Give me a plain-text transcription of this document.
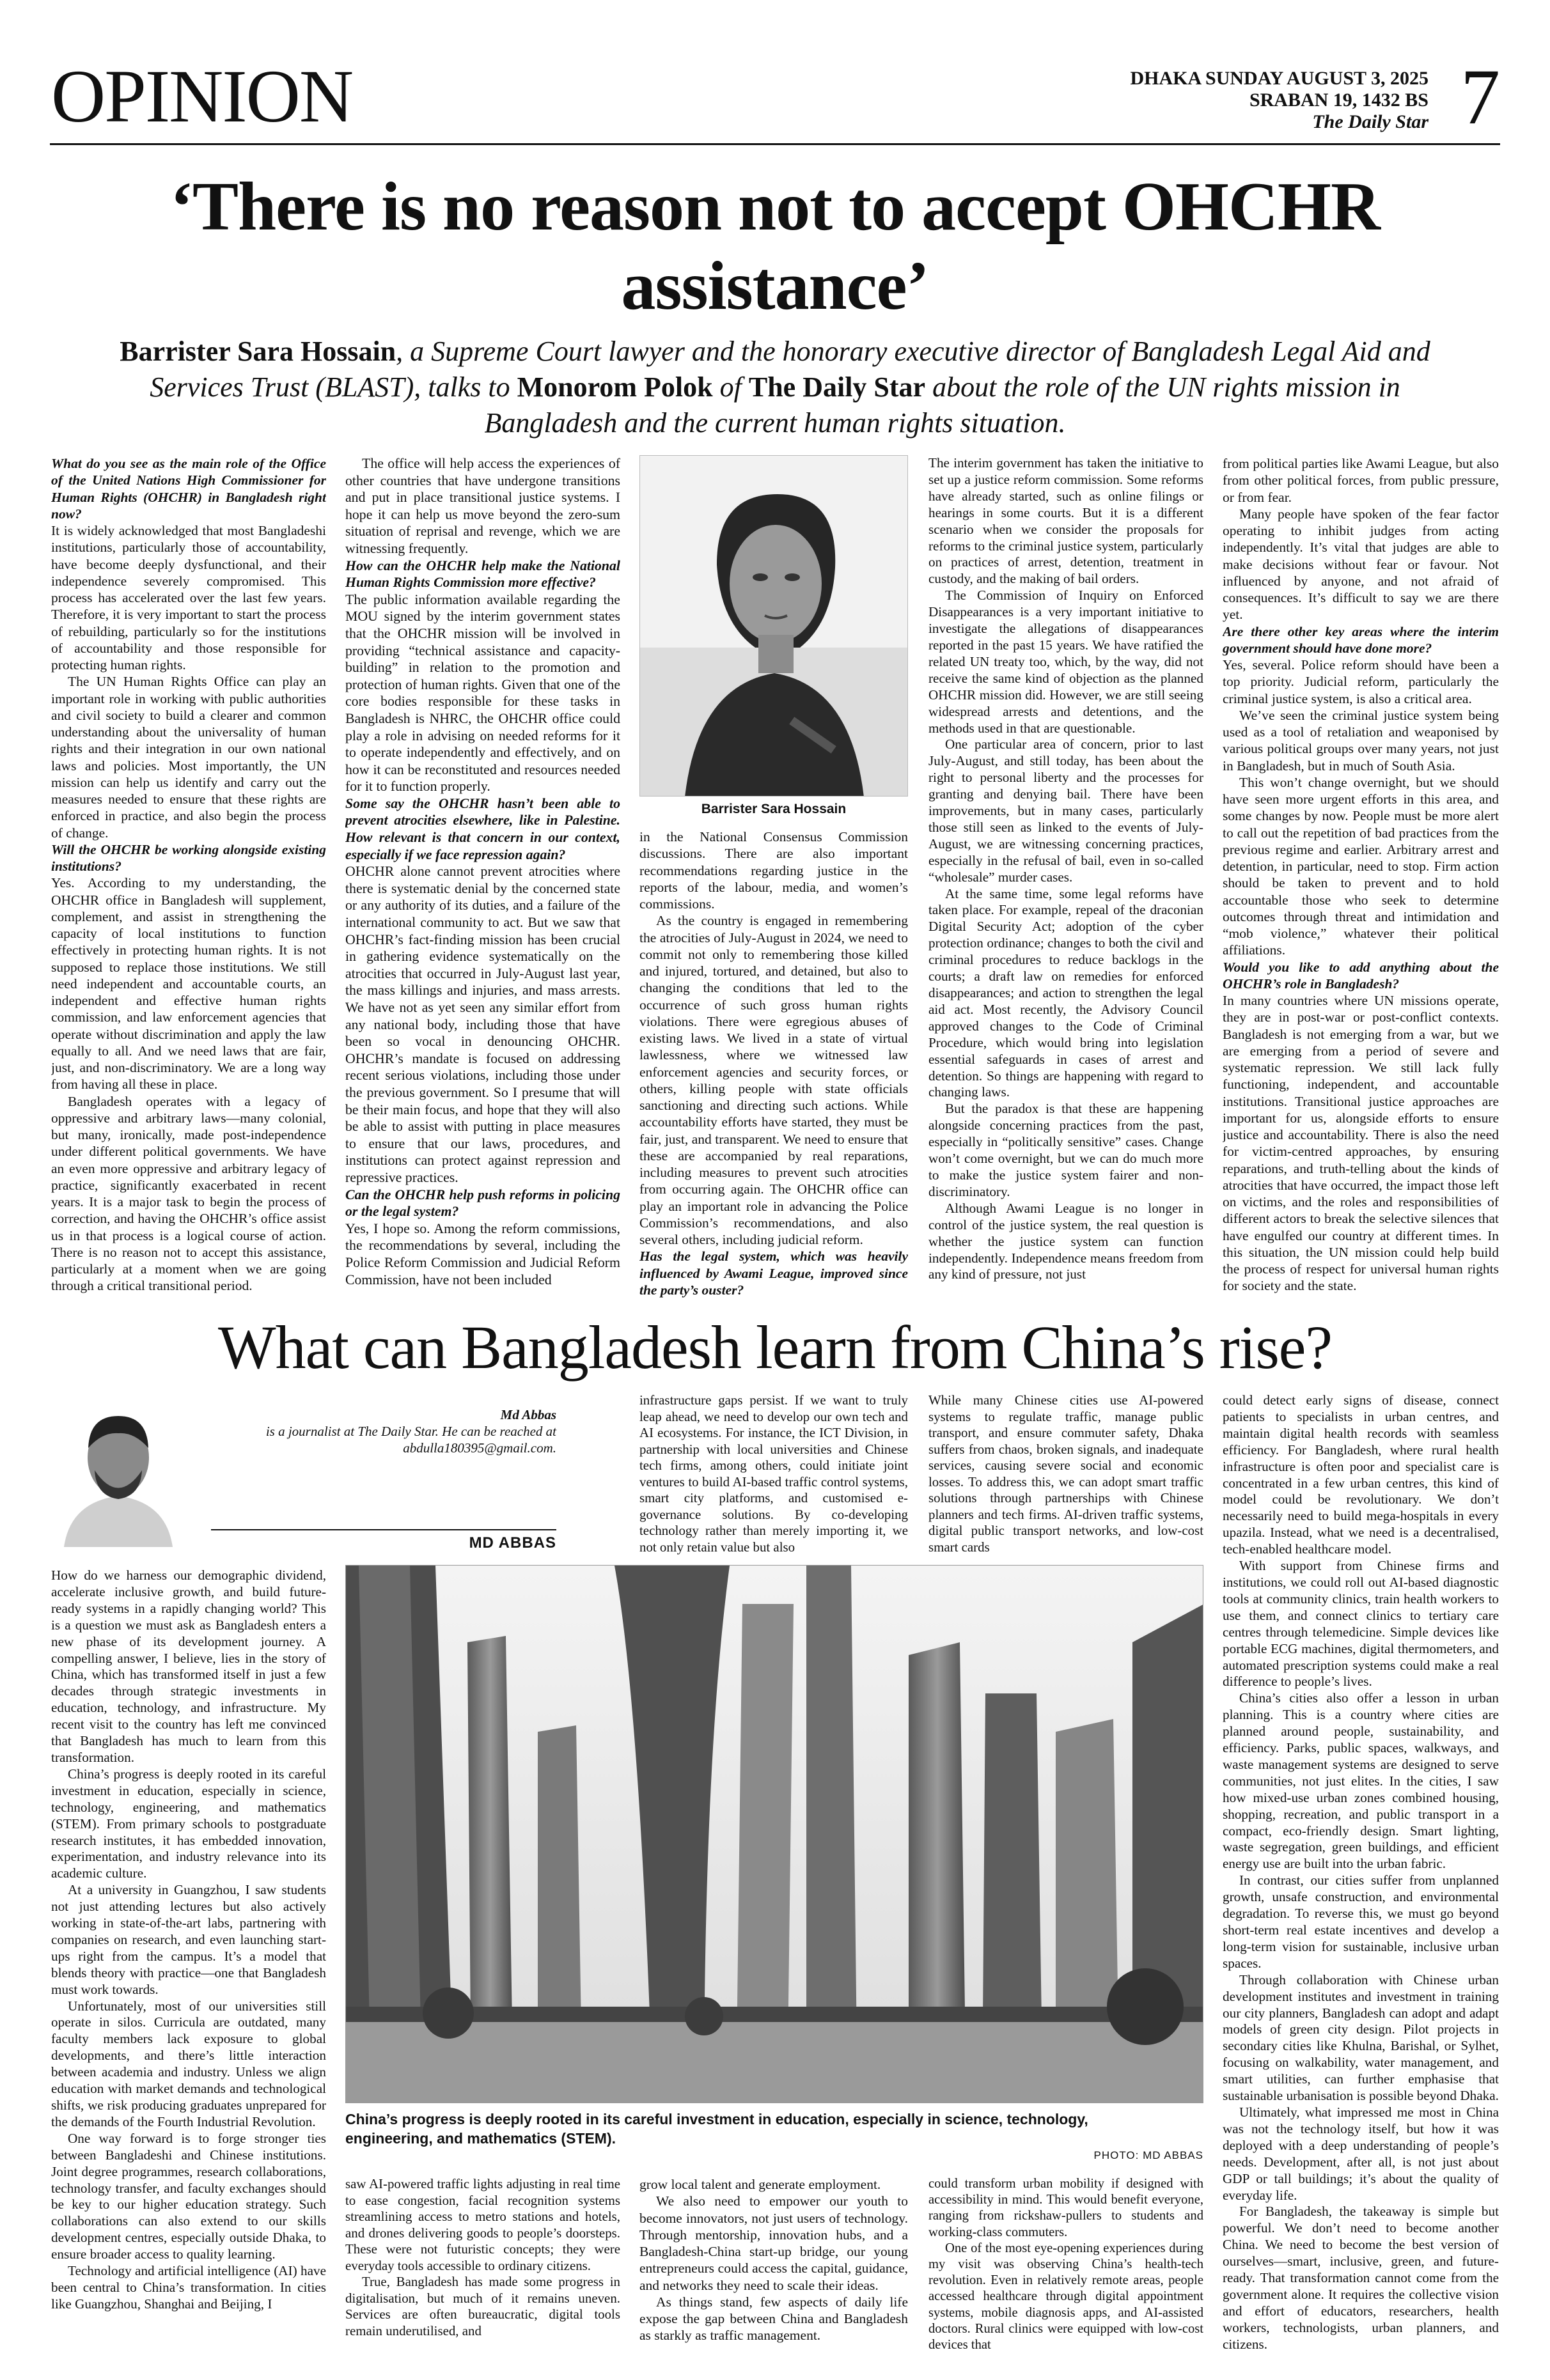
OPINION	DHAKA SUNDAY AUGUST 3, 2025
SRABAN 19, 1432 BS
The Daily Star 7
‘There is no reason not to accept OHCHR assistance’
Barrister Sara Hossain, a Supreme Court lawyer and the honorary executive director of Bangladesh Legal Aid and Services Trust (BLAST), talks to Monorom Polok of The Daily Star about the role of the UN rights mission in Bangladesh and the current human rights situation.

What do you see as the main role of the Office of the United Nations High Commissioner for Human Rights (OHCHR) in Bangladesh right now?

It is widely acknowledged that most Bangladeshi institutions, particularly those of accountability, have become deeply dysfunctional, and their independence severely compromised. This process has accelerated over the last few years. Therefore, it is very important to start the process of rebuilding, particularly so for the institutions of accountability and those responsible for protecting human rights.

The UN Human Rights Office can play an important role in working with public authorities and civil society to build a clearer and common understanding about the universality of human rights and their integration in our own national laws and policies. Most importantly, the UN mission can help us identify and carry out the measures needed to ensure that these rights are enforced in practice, and also begin the process of change.

Will the OHCHR be working alongside existing institutions?

Yes. According to my understanding, the OHCHR office in Bangladesh will supplement, complement, and assist in strengthening the capacity of local institutions to function effectively in protecting human rights. It is not supposed to replace those institutions. We still need independent and accountable courts, an independent and effective human rights commission, and law enforcement agencies that operate without discrimination and apply the law equally to all. And we need laws that are fair, just, and non-discriminatory. We are a long way from having all these in place.

Bangladesh operates with a legacy of oppressive and arbitrary laws—many colonial, but many, ironically, made post-independence under different political governments. We have an even more oppressive and arbitrary legacy of practice, significantly exacerbated in recent years. It is a major task to begin the process of correction, and having the OHCHR’s office assist us in that process is a logical course of action. There is no reason not to accept this assistance, particularly at a moment when we are going through a critical transitional period.

The office will help access the experiences of other countries that have undergone transitions and put in place transitional justice systems. I hope it can help us move beyond the zero-sum situation of reprisal and revenge, which we are witnessing frequently.

How can the OHCHR help make the National Human Rights Commission more effective?

The public information available regarding the MOU signed by the interim government states that the OHCHR mission will be involved in providing “technical assistance and capacity-building” in relation to the promotion and protection of human rights. Given that one of the core bodies responsible for these tasks in Bangladesh is NHRC, the OHCHR office could play a role in advising on needed reforms for it to operate independently and effectively, and on how it can be reconstituted and resources needed for it to function properly.

Some say the OHCHR hasn’t been able to prevent atrocities elsewhere, like in Palestine. How relevant is that concern in our context, especially if we face repression again?

OHCHR alone cannot prevent atrocities where there is systematic denial by the concerned state or any authority of its duties, and a failure of the international community to act. But we saw that OHCHR’s fact-finding mission has been crucial in gathering evidence systematically on the atrocities that occurred in July-August last year, the mass killings and injuries, and mass arrests. We have not as yet seen any similar effort from any national body, including those that have been so vocal in denouncing OHCHR. OHCHR’s mandate is focused on addressing recent serious violations, including those under the previous government. So I presume that will be their main focus, and hope that they will also be able to assist with putting in place measures to ensure that our laws, procedures, and institutions can protect against repression and repressive practices.

Can the OHCHR help push reforms in policing or the legal system?

Yes, I hope so. Among the reform commissions, the recommendations by several, including the Police Reform Commission and Judicial Reform Commission, have not been included

Barrister Sara Hossain

in the National Consensus Commission discussions. There are also important recommendations regarding justice in the reports of the labour, media, and women’s commissions.

As the country is engaged in remembering the atrocities of July-August in 2024, we need to commit not only to remembering those killed and injured, tortured, and detained, but also to changing the conditions that led to the occurrence of such gross human rights violations. There were egregious abuses of existing laws. We lived in a state of virtual lawlessness, where we witnessed law enforcement agencies and security forces, or others, killing people with state officials sanctioning and directing such actions. While accountability efforts have started, they must be fair, just, and transparent. We need to ensure that these are accompanied by real reparations, including measures to prevent such atrocities from occurring again. The OHCHR office can play an important role in advancing the Police Commission’s recommendations, and also several others, including judicial reform.

Has the legal system, which was heavily influenced by Awami League, improved since the party’s ouster?

The interim government has taken the initiative to set up a justice reform commission. Some reforms have already started, such as online filings or hearings in some courts. But it is a different scenario when we consider the proposals for reforms to the criminal justice system, particularly on practices of arrest, detention, treatment in custody, and the making of bail orders.

The Commission of Inquiry on Enforced Disappearances is a very important initiative to investigate the allegations of disappearances reported in the past 15 years. We have ratified the related UN treaty too, which, by the way, did not receive the same kind of objection as the planned OHCHR mission did. However, we are still seeing widespread arrests and detentions, and the methods used in that are questionable.

One particular area of concern, prior to last July-August, and still today, has been about the right to personal liberty and the processes for granting and denying bail. There have been improvements, but in many cases, particularly those still seen as linked to the events of July-August, we are witnessing concerning practices, especially in the refusal of bail, even in so-called “wholesale” murder cases.

At the same time, some legal reforms have taken place. For example, repeal of the draconian Digital Security Act; adoption of the cyber protection ordinance; changes to both the civil and criminal procedures to reduce backlogs in the courts; a draft law on remedies for enforced disappearances; and action to strengthen the legal aid act. Most recently, the Advisory Council approved changes to the Code of Criminal Procedure, which would bring into legislation essential safeguards in cases of arrest and detention. So things are happening with regard to changing laws.

But the paradox is that these are happening alongside concerning practices from the past, especially in “politically sensitive” cases. Change won’t come overnight, but we can do much more to make the justice system fairer and non-discriminatory.

Although Awami League is no longer in control of the justice system, the real question is whether the justice system can function independently. Independence means freedom from any kind of pressure, not just

from political parties like Awami League, but also from other political forces, from public pressure, or from fear.

Many people have spoken of the fear factor operating to inhibit judges from acting independently. It’s vital that judges are able to make decisions without fear or favour. Not influenced by anyone, and not afraid of consequences. It’s difficult to say we are there yet.

Are there other key areas where the interim government should have done more?

Yes, several. Police reform should have been a top priority. Judicial reform, particularly the criminal justice system, is also a critical area.

We’ve seen the criminal justice system being used as a tool of retaliation and weaponised by various political groups over many years, not just in Bangladesh, but in much of South Asia.

This won’t change overnight, but we should have seen more urgent efforts in this area, and some changes by now. People must be more alert to call out the repetition of bad practices from the previous regime and earlier. Arbitrary arrest and detention, in particular, need to stop. Firm action should be taken to prevent and to hold accountable those who seek to determine outcomes through threat and intimidation and “mob violence,” whatever their political affiliations.

Would you like to add anything about the OHCHR’s role in Bangladesh?

In many countries where UN missions operate, they are in post-war or post-conflict contexts. Bangladesh is not emerging from a war, but we are emerging from a period of severe and systematic repression. We still lack fully functioning, independent, and accountable institutions. Transitional justice approaches are important for us, alongside efforts to ensure justice and accountability. There is also the need for victim-centred approaches, by ensuring reparations, and truth-telling about the kinds of atrocities that have occurred, the impact those left on victims, and the roles and responsibilities of different actors to break the selective silences that have engulfed our country at different times. In this situation, the UN mission could help build the process of respect for universal human rights for society and the state.

What can Bangladesh learn from China’s rise?
Md Abbas
is a journalist at The Daily Star. He can be reached at abdulla180395@gmail.com.
MD ABBAS

How do we harness our demographic dividend, accelerate inclusive growth, and build future-ready systems in a rapidly changing world? This is a question we must ask as Bangladesh enters a new phase of its development journey. A compelling answer, I believe, lies in the story of China, which has transformed itself in just a few decades through strategic investments in education, technology, and infrastructure. My recent visit to the country has left me convinced that Bangladesh has much to learn from this transformation.

China’s progress is deeply rooted in its careful investment in education, especially in science, technology, engineering, and mathematics (STEM). From primary schools to postgraduate research institutes, it has embedded innovation, experimentation, and industry relevance into its academic culture.

At a university in Guangzhou, I saw students not just attending lectures but also actively working in state-of-the-art labs, partnering with companies on research, and even launching start-ups right from the campus. It’s a model that blends theory with practice—one that Bangladesh must work towards.

Unfortunately, most of our universities still operate in silos. Curricula are outdated, many faculty members lack exposure to global developments, and there’s little interaction between academia and industry. Unless we align education with market demands and technological shifts, we risk producing graduates unprepared for the demands of the Fourth Industrial Revolution.

One way forward is to forge stronger ties between Bangladeshi and Chinese institutions. Joint degree programmes, research collaborations, technology transfer, and faculty exchanges should be key to our higher education strategy. Such collaborations can also extend to our skills development centres, especially outside Dhaka, to ensure broader access to quality learning.

Technology and artificial intelligence (AI) have been central to China’s transformation. In cities like Guangzhou, Shanghai and Beijing, I

infrastructure gaps persist. If we want to truly leap ahead, we need to develop our own tech and AI ecosystems. For instance, the ICT Division, in partnership with local universities and Chinese tech firms, among others, could initiate joint ventures to build AI-based traffic control systems, smart city platforms, and customised e-governance solutions. By co-developing technology rather than merely importing it, we not only retain value but also

While many Chinese cities use AI-powered systems to regulate traffic, manage public transport, and ensure commuter safety, Dhaka suffers from chaos, broken signals, and inadequate services, causing severe social and economic losses. To address this, we can adopt smart traffic solutions through partnerships with Chinese planners and tech firms. AI-driven traffic systems, digital public transport networks, and low-cost smart cards

China’s progress is deeply rooted in its careful investment in education, especially in science, technology, engineering, and mathematics (STEM).
PHOTO: MD ABBAS

saw AI-powered traffic lights adjusting in real time to ease congestion, facial recognition systems streamlining access to metro stations and hotels, and drones delivering goods to people’s doorsteps. These were not futuristic concepts; they were everyday tools accessible to ordinary citizens.

True, Bangladesh has made some progress in digitalisation, but much of it remains uneven. Services are often bureaucratic, digital tools remain underutilised, and

grow local talent and generate employment.

We also need to empower our youth to become innovators, not just users of technology. Through mentorship, innovation hubs, and a Bangladesh-China start-up bridge, our young entrepreneurs could access the capital, guidance, and networks they need to scale their ideas.

As things stand, few aspects of daily life expose the gap between China and Bangladesh as starkly as traffic management.

could transform urban mobility if designed with accessibility in mind. This would benefit everyone, ranging from rickshaw-pullers to students and working-class commuters.

One of the most eye-opening experiences during my visit was observing China’s health-tech revolution. Even in relatively remote areas, people accessed healthcare through digital appointment systems, mobile diagnosis apps, and AI-assisted doctors. Rural clinics were equipped with low-cost devices that

could detect early signs of disease, connect patients to specialists in urban centres, and maintain digital health records with seamless efficiency. For Bangladesh, where rural health infrastructure is often poor and specialist care is concentrated in a few urban centres, this kind of model could be revolutionary. We don’t necessarily need to build mega-hospitals in every upazila. Instead, what we need is a decentralised, tech-enabled healthcare model.

With support from Chinese firms and institutions, we could roll out AI-based diagnostic tools at community clinics, train health workers to use them, and connect clinics to tertiary care centres through telemedicine. Simple devices like portable ECG machines, digital thermometers, and automated prescription systems could make a real difference to people’s lives.

China’s cities also offer a lesson in urban planning. This is a country where cities are planned around people, sustainability, and efficiency. Parks, public spaces, walkways, and waste management systems are designed to serve communities, not just elites. In the cities, I saw how mixed-use urban zones combined housing, shopping, recreation, and public transport in a compact, eco-friendly design. Smart lighting, waste segregation, green buildings, and efficient energy use are built into the urban fabric.

In contrast, our cities suffer from unplanned growth, unsafe construction, and environmental degradation. To reverse this, we must go beyond short-term real estate incentives and develop a long-term vision for sustainable, inclusive urban spaces.

Through collaboration with Chinese urban development institutes and investment in training our city planners, Bangladesh can adopt and adapt models of green city design. Pilot projects in secondary cities like Khulna, Barishal, or Sylhet, focusing on walkability, water management, and smart utilities, can further emphasise that sustainable urbanisation is possible beyond Dhaka.

Ultimately, what impressed me most in China was not the technology itself, but how it was deployed with a deep understanding of people’s needs. Development, after all, is not just about GDP or tall buildings; it’s about the quality of everyday life.

For Bangladesh, the takeaway is simple but powerful. We don’t need to become another China. We need to become the best version of ourselves—smart, inclusive, green, and future-ready. That transformation cannot come from the government alone. It requires the collective vision and effort of educators, researchers, health workers, technologists, urban planners, and citizens.
